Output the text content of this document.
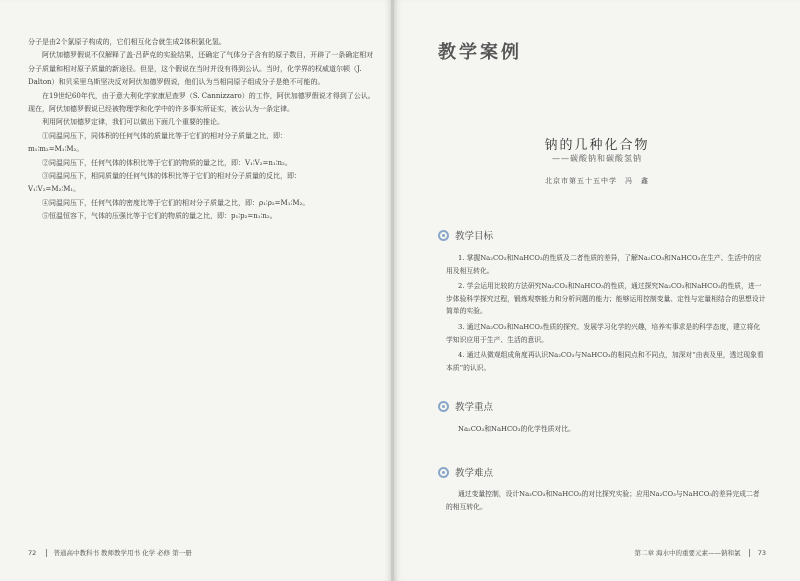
分子是由2个氯原子构成的，它们相互化合就生成2体积氯化氢。

阿伏加德罗假说不仅解释了盖·吕萨克的实验结果，还确定了气体分子含有的原子数目，开辟了一条确定相对分子质量和相对原子质量的新途径。但是，这个假说在当时并没有得到公认。当时，化学界的权威道尔顿（J. Dalton）和贝采里乌斯坚决反对阿伏加德罗假说，他们认为当相同原子组成分子是绝不可能的。

在19世纪60年代，由于意大利化学家康尼查罗（S. Cannizzaro）的工作，阿伏加德罗假说才得到了公认。现在，阿伏加德罗假说已经被物理学和化学中的许多事实所证实，被公认为一条定律。

利用阿伏加德罗定律，我们可以做出下面几个重要的推论。

①同温同压下，同体积的任何气体的质量比等于它们的相对分子质量之比，即：

m₁∶m₂=M₁∶M₂。

②同温同压下，任何气体的体积比等于它们的物质的量之比，即：V₁∶V₂=n₁∶n₂。

③同温同压下，相同质量的任何气体的体积比等于它们的相对分子质量的反比，即：

V₁∶V₂=M₂∶M₁。

④同温同压下，任何气体的密度比等于它们的相对分子质量之比，即：ρ₁∶ρ₂=M₁∶M₂。

⑤恒温恒容下，气体的压强比等于它们的物质的量之比，即：p₁∶p₂=n₁∶n₂。

72	普通高中教科书 教师教学用书 化学 必修 第一册
教学案例
钠的几种化合物
——碳酸钠和碳酸氢钠
北京市第五十五中学　冯　鑫
教学目标

1. 掌握Na₂CO₃和NaHCO₃的性质及二者性质的差异，了解Na₂CO₃和NaHCO₃在生产、生活中的应用及相互转化。

2. 学会运用比较的方法研究Na₂CO₃和NaHCO₃的性质，通过探究Na₂CO₃和NaHCO₃的性质，进一步体验科学探究过程，锻炼观察能力和分析问题的能力；能够运用控制变量、定性与定量相结合的思想设计简单的实验。

3. 通过Na₂CO₃和NaHCO₃性质的探究、发展学习化学的兴趣，培养实事求是的科学态度，建立将化学知识应用于生产、生活的意识。

4. 通过从微观组成角度再认识Na₂CO₃与NaHCO₃的相同点和不同点，加深对“由表及里，透过现象看本质”的认识。

教学重点

Na₂CO₃和NaHCO₃的化学性质对比。

教学难点

通过变量控制，设计Na₂CO₃和NaHCO₃的对比探究实验；应用Na₂CO₃与NaHCO₃的差异完成二者的相互转化。

第二章 海水中的重要元素——钠和氯	73
